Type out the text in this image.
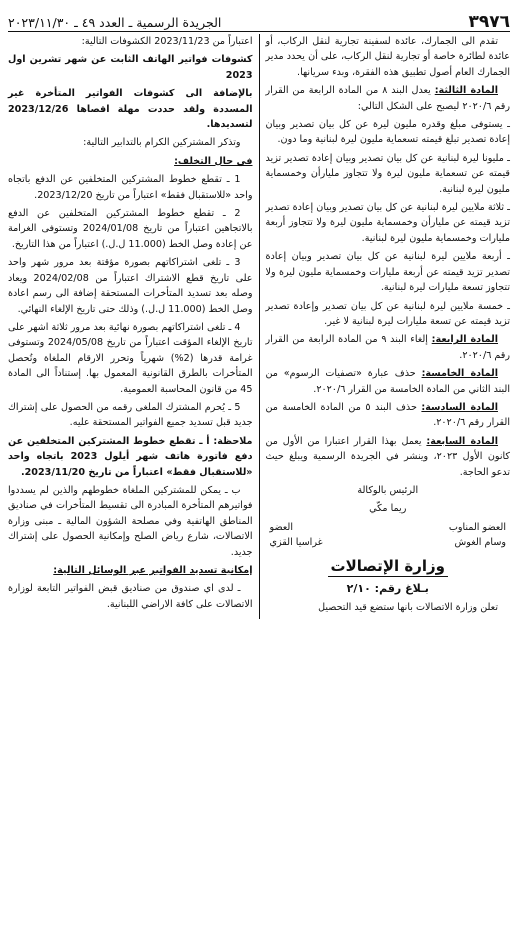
٣٩٧٦
الجريدة الرسمية ـ العدد ٤٩ ـ ٢٠٢٣/١١/٣٠

تقدم الى الجمارك، عائدة لسفينة تجارية لنقل الركاب، أو عائدة لطائرة خاصة أو تجارية لنقل الركاب، على أن يحدد مدير الجمارك العام أصول تطبيق هذه الفقرة، وبدء سريانها.

المادة الثالثة: يعدل البند ٨ من المادة الرابعة من القرار رقم ٢٠٢٠/٦ ليصبح على الشكل التالي:

ـ يستوفى مبلغ وقدره مليون ليرة عن كل بيان تصدير وبيان إعادة تصدير تبلغ قيمته تسعماية مليون ليرة لبنانية وما دون.

ـ مليونا ليرة لبنانية عن كل بيان تصدير وبيان إعادة تصدير تزيد قيمته عن تسعماية مليون ليرة ولا تتجاوز مليارأن وخمسماية مليون ليرة لبنانية.

ـ ثلاثة ملايين ليرة لبنانية عن كل بيان تصدير وبيان إعادة تصدير تزيد قيمته عن مليارأن وخمسماية مليون ليرة ولا تتجاوز أربعة مليارات وخمسماية مليون ليرة لبنانية.

ـ أربعة ملايين ليرة لبنانية عن كل بيان تصدير وبيان إعادة تصدير تزيد قيمته عن أربعة مليارات وخمسماية مليون ليرة ولا تتجاوز تسعة مليارات ليرة لبنانية.

ـ خمسة ملايين ليرة لبنانية عن كل بيان تصدير وإعادة تصدير تزيد قيمته عن تسعة مليارات ليرة لبنانية لا غير.

المادة الرابعة: إلغاء البند ٩ من المادة الرابعة من القرار رقم ٢٠٢٠/٦.

المادة الخامسة: حذف عبارة «تصفيات الرسوم» من البند الثاني من المادة الخامسة من القرار ٢٠٢٠/٦.

المادة السادسة: حذف البند ٥ من المادة الخامسة من القرار رقم ٢٠٢٠/٦.

المادة السابعة: يعمل بهذا القرار اعتبارا من الأول من كانون الأول ٢٠٢٣، وينشر في الجريدة الرسمية ويبلغ حيث تدعو الحاجة.

الرئيس بالوكالة

ريما مكّي

العضو المناوب
العضو
وسام الغوش
غراسيا القزي
وزارة الإتصالات
بـلاغ رقم: ٢/١٠

تعلن وزارة الاتصالات بانها ستضع قيد التحصيل

اعتباراً من 2023/11/23 الكشوفات التالية:

كشوفات فواتير الهاتف الثابت عن شهر تشرين اول 2023

بالإضافة الى كشوفات الفواتير المتأخرة غير المسددة ولقد حددت مهلة اقصاها 2023/12/26 لتسديدها.

وتذكر المشتركين الكرام بالتدابير التالية:

في حال التخلف:

1 ـ تقطع خطوط المشتركين المتخلفين عن الدفع باتجاه واحد «للاستقبال فقط» اعتباراً من تاريخ 2023/12/20.

2 ـ تقطع خطوط المشتركين المتخلفين عن الدفع بالاتجاهين اعتباراً من تاريخ 2024/01/08 وتستوفى الغرامة عن إعادة وصل الخط (11.000 ل.ل.) اعتباراً من هذا التاريخ.

3 ـ تلغى اشتراكاتهم بصورة مؤقتة بعد مرور شهر واحد على تاريخ قطع الاشتراك اعتباراً من 2024/02/08 ويعاد وصله بعد تسديد المتأخرات المستحقة إضافة الى رسم اعادة وصل الخط (11.000 ل.ل.) وذلك حتى تاريخ الإلغاء النهائي.

4 ـ تلغى اشتراكاتهم بصورة نهائية بعد مرور ثلاثة اشهر على تاريخ الإلغاء المؤقت اعتباراً من تاريخ 2024/05/08 وتستوفى غرامة قدرها (2%) شهرياً وتحرر الارقام الملغاة وتُحصل المتأخرات بالطرق القانونية المعمول بها. إستناداً الى المادة 45 من قانون المحاسبة العمومية.

5 ـ يُحرم المشترك الملغى رقمه من الحصول على إشتراك جديد قبل تسديد جميع الفواتير المستحقة عليه.

ملاحظة: أ ـ تقطع خطوط المشتركين المتخلفين عن دفع فاتورة هاتف شهر أيلول 2023 باتجاه واحد «للاستقبال فقط» اعتباراً من تاريخ 2023/11/20.

ب ـ يمكن للمشتركين الملغاة خطوطهم والذين لم يسددوا فواتيرهم المتأخرة المبادرة الى تقسيط المتأخرات في صناديق المناطق الهاتفية وفي مصلحة الشؤون المالية ـ مبنى وزارة الاتصالات، شارع رياض الصلح وإمكانية الحصول على إشتراك جديد.

إمكانية تسديد الفواتير عبر الوسائل التالية:

ـ لدى اي صندوق من صناديق قبض الفواتير التابعة لوزارة الاتصالات على كافة الاراضي اللبنانية.
